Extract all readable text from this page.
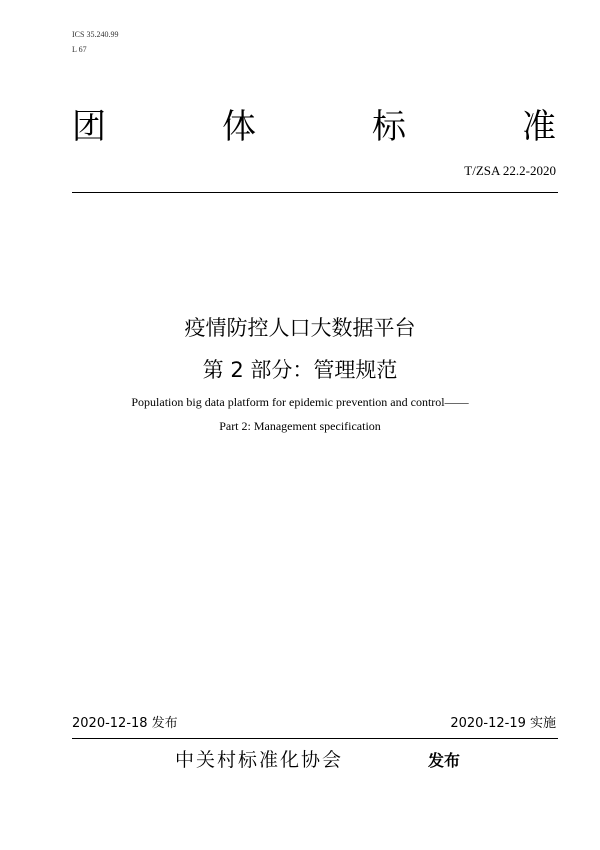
ICS 35.240.99
L 67
团	体	标	准
T/ZSA 22.2-2020
疫情防控人口大数据平台
第 2 部分：管理规范
Population big data platform for epidemic prevention and control——
Part 2: Management specification
2020-12-18 发布	2020-12-19 实施
中关村标准化协会	发布
